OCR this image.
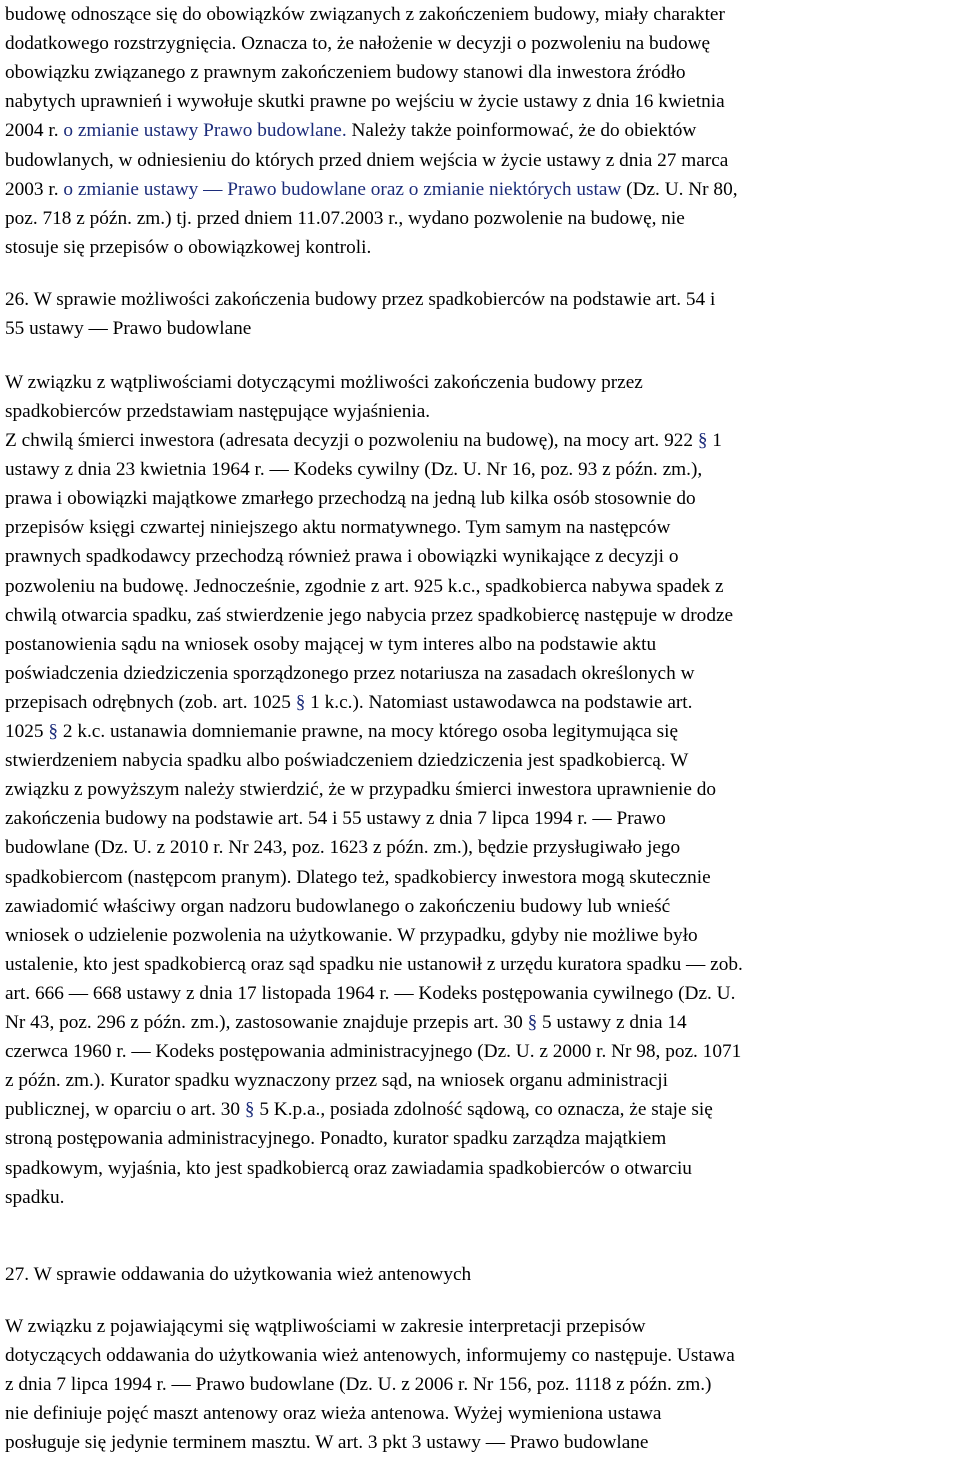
budowę odnoszące się do obowiązków związanych z zakończeniem budowy, miały charakter
dodatkowego rozstrzygnięcia. Oznacza to, że nałożenie w decyzji o pozwoleniu na budowę
obowiązku związanego z prawnym zakończeniem budowy stanowi dla inwestora źródło
nabytych uprawnień i wywołuje skutki prawne po wejściu w życie ustawy z dnia 16 kwietnia
2004 r. o zmianie ustawy Prawo budowlane. Należy także poinformować, że do obiektów
budowlanych, w odniesieniu do których przed dniem wejścia w życie ustawy z dnia 27 marca
2003 r. o zmianie ustawy ― Prawo budowlane oraz o zmianie niektórych ustaw (Dz. U. Nr 80,
poz. 718 z późn. zm.) tj. przed dniem 11.07.2003 r., wydano pozwolenie na budowę, nie
stosuje się przepisów o obowiązkowej kontroli.
26. W sprawie możliwości zakończenia budowy przez spadkobierców na podstawie art. 54 i
55 ustawy ― Prawo budowlane
W związku z wątpliwościami dotyczącymi możliwości zakończenia budowy przez
spadkobierców przedstawiam następujące wyjaśnienia.
Z chwilą śmierci inwestora (adresata decyzji o pozwoleniu na budowę), na mocy art. 922 § 1
ustawy z dnia 23 kwietnia 1964 r. ― Kodeks cywilny (Dz. U. Nr 16, poz. 93 z późn. zm.),
prawa i obowiązki majątkowe zmarłego przechodzą na jedną lub kilka osób stosownie do
przepisów księgi czwartej niniejszego aktu normatywnego. Tym samym na następców
prawnych spadkodawcy przechodzą również prawa i obowiązki wynikające z decyzji o
pozwoleniu na budowę. Jednocześnie, zgodnie z art. 925 k.c., spadkobierca nabywa spadek z
chwilą otwarcia spadku, zaś stwierdzenie jego nabycia przez spadkobiercę następuje w drodze
postanowienia sądu na wniosek osoby mającej w tym interes albo na podstawie aktu
poświadczenia dziedziczenia sporządzonego przez notariusza na zasadach określonych w
przepisach odrębnych (zob. art. 1025 § 1 k.c.). Natomiast ustawodawca na podstawie art.
1025 § 2 k.c. ustanawia domniemanie prawne, na mocy którego osoba legitymująca się
stwierdzeniem nabycia spadku albo poświadczeniem dziedziczenia jest spadkobiercą. W
związku z powyższym należy stwierdzić, że w przypadku śmierci inwestora uprawnienie do
zakończenia budowy na podstawie art. 54 i 55 ustawy z dnia 7 lipca 1994 r. ― Prawo
budowlane (Dz. U. z 2010 r. Nr 243, poz. 1623 z późn. zm.), będzie przysługiwało jego
spadkobiercom (następcom pranym). Dlatego też, spadkobiercy inwestora mogą skutecznie
zawiadomić właściwy organ nadzoru budowlanego o zakończeniu budowy lub wnieść
wniosek o udzielenie pozwolenia na użytkowanie. W przypadku, gdyby nie możliwe było
ustalenie, kto jest spadkobiercą oraz sąd spadku nie ustanowił z urzędu kuratora spadku ― zob.
art. 666 ― 668 ustawy z dnia 17 listopada 1964 r. ― Kodeks postępowania cywilnego (Dz. U.
Nr 43, poz. 296 z późn. zm.), zastosowanie znajduje przepis art. 30 § 5 ustawy z dnia 14
czerwca 1960 r. ― Kodeks postępowania administracyjnego (Dz. U. z 2000 r. Nr 98, poz. 1071
z późn. zm.). Kurator spadku wyznaczony przez sąd, na wniosek organu administracji
publicznej, w oparciu o art. 30 § 5 K.p.a., posiada zdolność sądową, co oznacza, że staje się
stroną postępowania administracyjnego. Ponadto, kurator spadku zarządza majątkiem
spadkowym, wyjaśnia, kto jest spadkobiercą oraz zawiadamia spadkobierców o otwarciu
spadku.
27. W sprawie oddawania do użytkowania wież antenowych
W związku z pojawiającymi się wątpliwościami w zakresie interpretacji przepisów
dotyczących oddawania do użytkowania wież antenowych, informujemy co następuje. Ustawa
z dnia 7 lipca 1994 r. ― Prawo budowlane (Dz. U. z 2006 r. Nr 156, poz. 1118 z późn. zm.)
nie definiuje pojęć maszt antenowy oraz wieża antenowa. Wyżej wymieniona ustawa
posługuje się jedynie terminem masztu. W art. 3 pkt 3 ustawy ― Prawo budowlane
